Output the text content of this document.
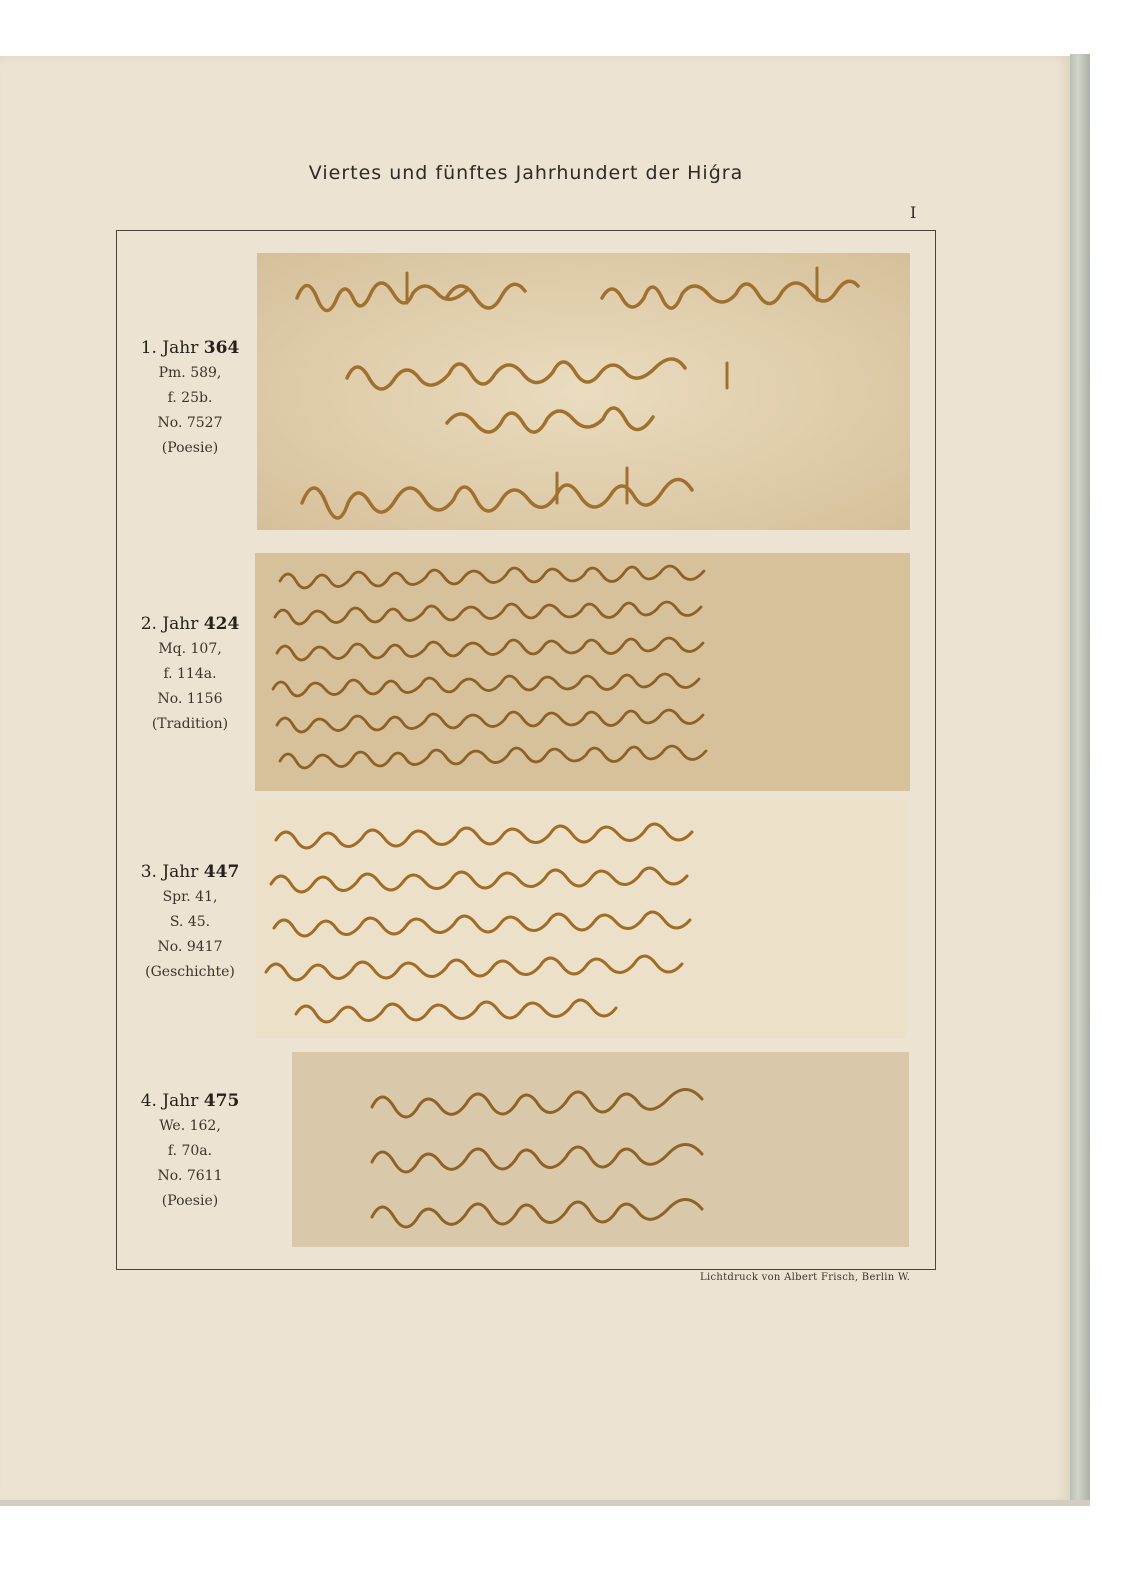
Viertes und fünftes Jahrhundert der Hiǵra
I
1. Jahr 364
Pm. 589,
f. 25b.
No. 7527
(Poesie)
2. Jahr 424
Mq. 107,
f. 114a.
No. 1156
(Tradition)
3. Jahr 447
Spr. 41,
S. 45.
No. 9417
(Geschichte)
4. Jahr 475
We. 162,
f. 70a.
No. 7611
(Poesie)
Lichtdruck von Albert Frisch, Berlin W.
